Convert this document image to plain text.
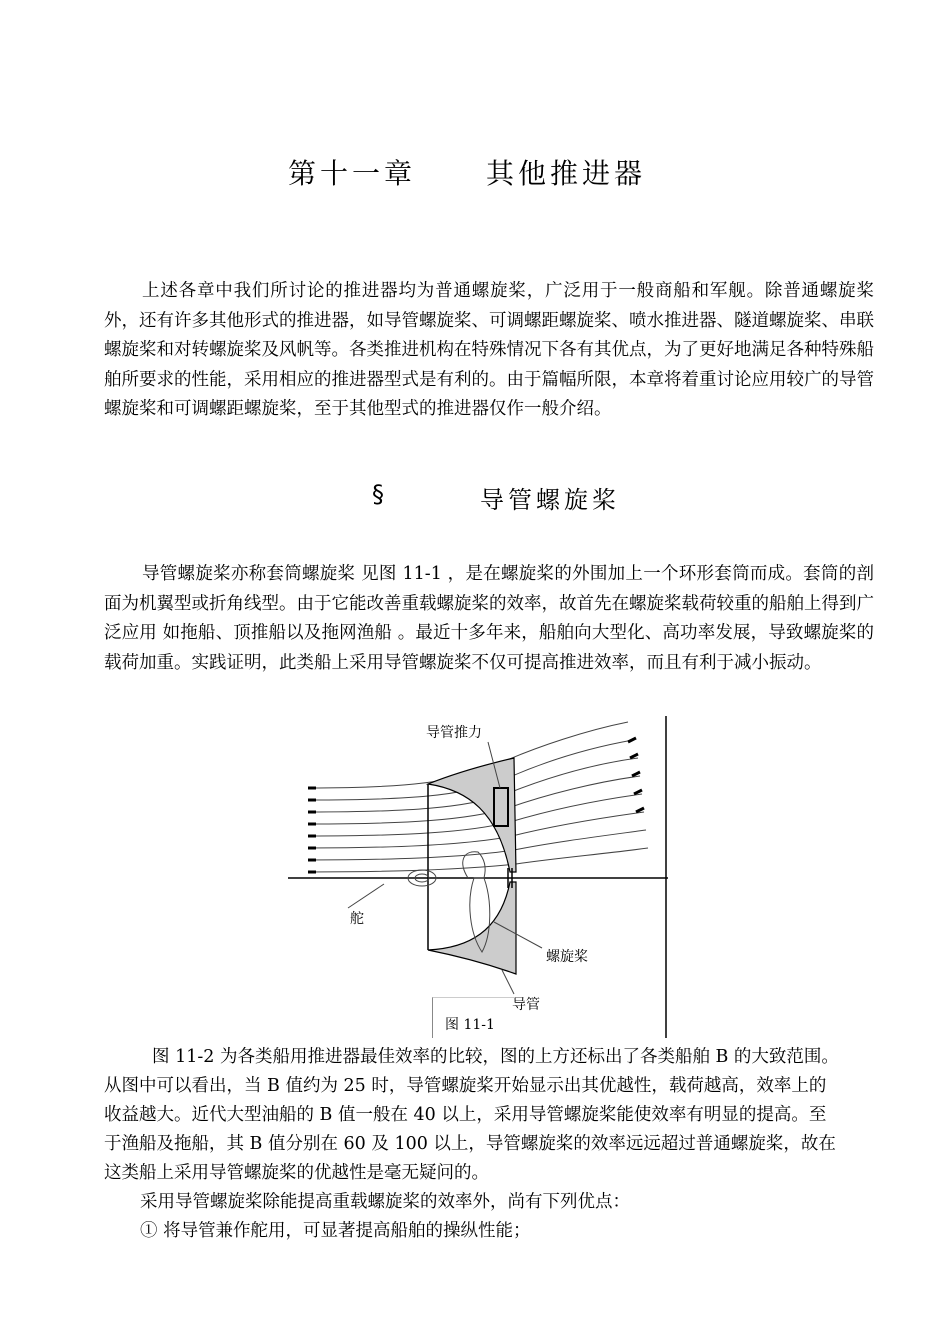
第十一章 其他推进器
上述各章中我们所讨论的推进器均为普通螺旋桨，广泛用于一般商船和军舰。除普通螺旋桨外，还有许多其他形式的推进器，如导管螺旋桨、可调螺距螺旋桨、喷水推进器、隧道螺旋桨、串联螺旋桨和对转螺旋桨及风帆等。各类推进机构在特殊情况下各有其优点，为了更好地满足各种特殊船舶所要求的性能，采用相应的推进器型式是有利的。由于篇幅所限，本章将着重讨论应用较广的导管螺旋桨和可调螺距螺旋桨，至于其他型式的推进器仅作一般介绍。
§	导管螺旋桨
导管螺旋桨亦称套筒螺旋桨 见图 11-1 ，是在螺旋桨的外围加上一个环形套筒而成。套筒的剖面为机翼型或折角线型。由于它能改善重载螺旋桨的效率，故首先在螺旋桨载荷较重的船舶上得到广泛应用 如拖船、顶推船以及拖网渔船 。最近十多年来，船舶向大型化、高功率发展，导致螺旋桨的载荷加重。实践证明，此类船上采用导管螺旋桨不仅可提高推进效率，而且有利于减小振动。
导管推力
舵
螺旋桨
导管
图 11-1
图 11-2 为各类船用推进器最佳效率的比较，图的上方还标出了各类船舶 B 的大致范围。
从图中可以看出，当 B 值约为 25 时，导管螺旋桨开始显示出其优越性，载荷越高，效率上的
收益越大。近代大型油船的 B 值一般在 40 以上，采用导管螺旋桨能使效率有明显的提高。至
于渔船及拖船，其 B 值分别在 60 及 100 以上，导管螺旋桨的效率远远超过普通螺旋桨，故在
这类船上采用导管螺旋桨的优越性是毫无疑问的。
采用导管螺旋桨除能提高重载螺旋桨的效率外，尚有下列优点：
① 将导管兼作舵用，可显著提高船舶的操纵性能；
